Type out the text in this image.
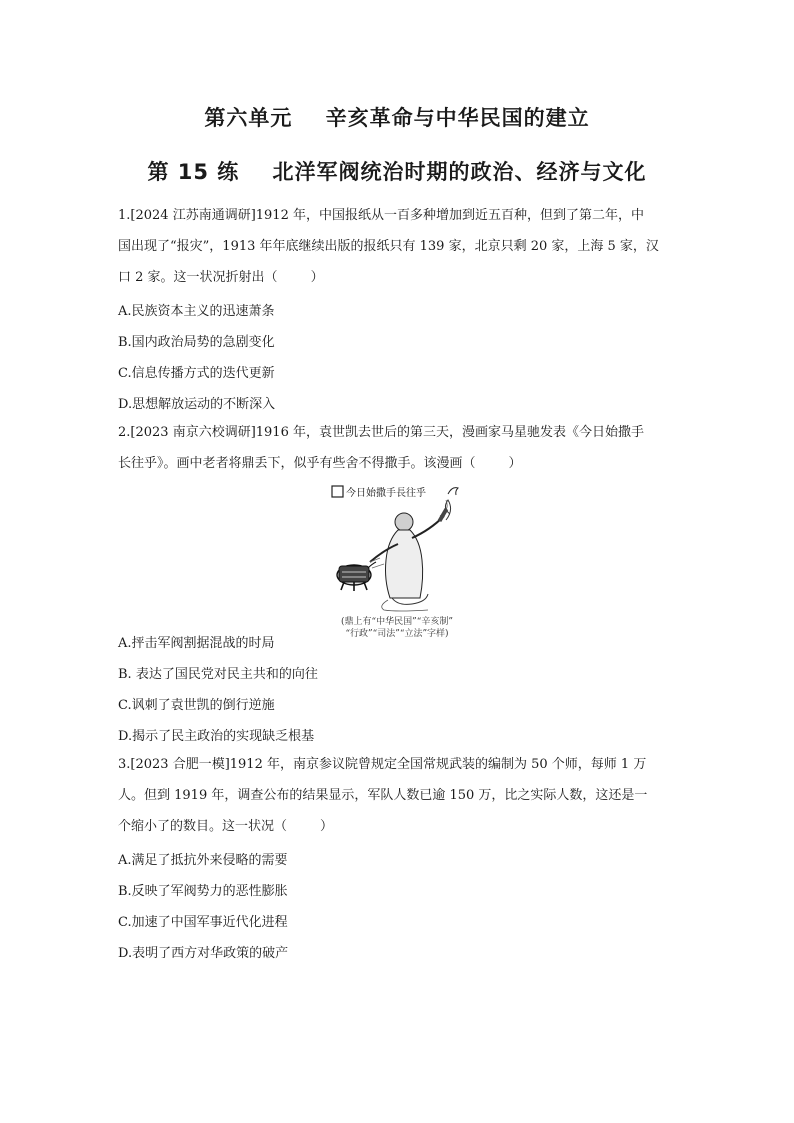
第六单元    辛亥革命与中华民国的建立
第 15 练    北洋军阀统治时期的政治、经济与文化
1.[2024 江苏南通调研]1912 年，中国报纸从一百多种增加到近五百种，但到了第二年，中
国出现了“报灾”，1913 年年底继续出版的报纸只有 139 家，北京只剩 20 家，上海 5 家，汉
口 2 家。这一状况折射出（        ）
A.民族资本主义的迅速萧条
B.国内政治局势的急剧变化
C.信息传播方式的迭代更新
D.思想解放运动的不断深入
2.[2023 南京六校调研]1916 年，袁世凯去世后的第三天，漫画家马星驰发表《今日始撒手
长往乎》。画中老者将鼎丢下，似乎有些舍不得撒手。该漫画（        ）
今日始撒手長往乎
(鼎上有“中华民国”“辛亥制”
“行政”“司法”“立法”字样)
A.抨击军阀割据混战的时局
B. 表达了国民党对民主共和的向往
C.讽刺了袁世凯的倒行逆施
D.揭示了民主政治的实现缺乏根基
3.[2023 合肥一模]1912 年，南京参议院曾规定全国常规武装的编制为 50 个师，每师 1 万
人。但到 1919 年，调查公布的结果显示，军队人数已逾 150 万，比之实际人数，这还是一
个缩小了的数目。这一状况（        ）
A.满足了抵抗外来侵略的需要
B.反映了军阀势力的恶性膨胀
C.加速了中国军事近代化进程
D.表明了西方对华政策的破产
